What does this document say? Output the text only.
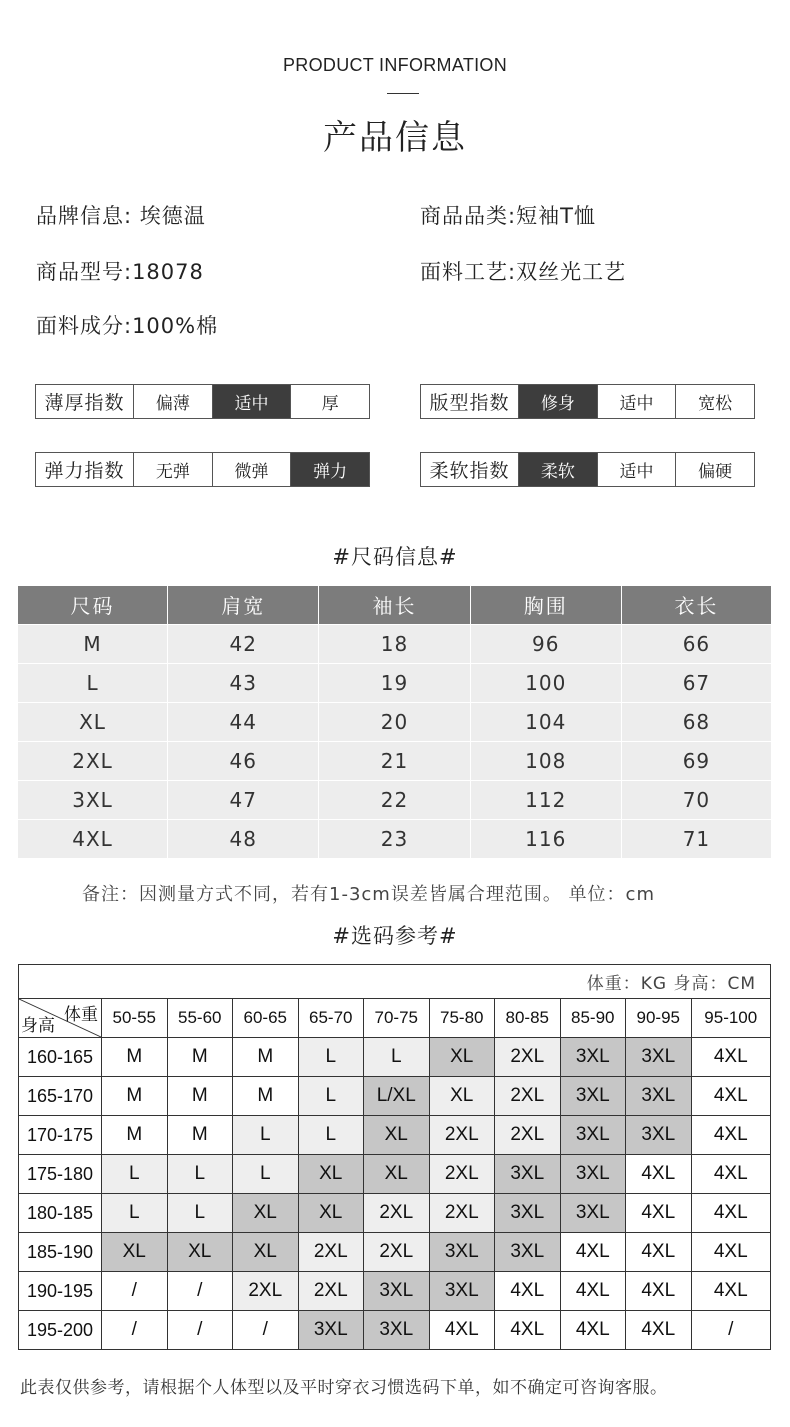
PRODUCT INFORMATION
产品信息
品牌信息: 埃德温	商品品类:短袖T恤
商品型号:18078	面料工艺:双丝光工艺
面料成分:100%棉
薄厚指数	偏薄	适中	厚	版型指数	修身	适中	宽松
弹力指数	无弹	微弹	弹力	柔软指数	柔软	适中	偏硬
#尺码信息#
尺码	肩宽	袖长	胸围	衣长
M	42	18	96	66
L	43	19	100	67
XL	44	20	104	68
2XL	46	21	108	69
3XL	47	22	112	70
4XL	48	23	116	71
备注：因测量方式不同，若有1-3cm误差皆属合理范围。 单位：cm
#选码参考#
体重：KG 身高：CM										

体重
身高	50-55	55-60	60-65	65-70	70-75	75-80	80-85	85-90	90-95	95-100
160-165	M	M	M	L	L	XL	2XL	3XL	3XL	4XL
165-170	M	M	M	L	L/XL	XL	2XL	3XL	3XL	4XL
170-175	M	M	L	L	XL	2XL	2XL	3XL	3XL	4XL
175-180	L	L	L	XL	XL	2XL	3XL	3XL	4XL	4XL
180-185	L	L	XL	XL	2XL	2XL	3XL	3XL	4XL	4XL
185-190	XL	XL	XL	2XL	2XL	3XL	3XL	4XL	4XL	4XL
190-195	/	/	2XL	2XL	3XL	3XL	4XL	4XL	4XL	4XL
195-200	/	/	/	3XL	3XL	4XL	4XL	4XL	4XL	/
此表仅供参考，请根据个人体型以及平时穿衣习惯选码下单，如不确定可咨询客服。
